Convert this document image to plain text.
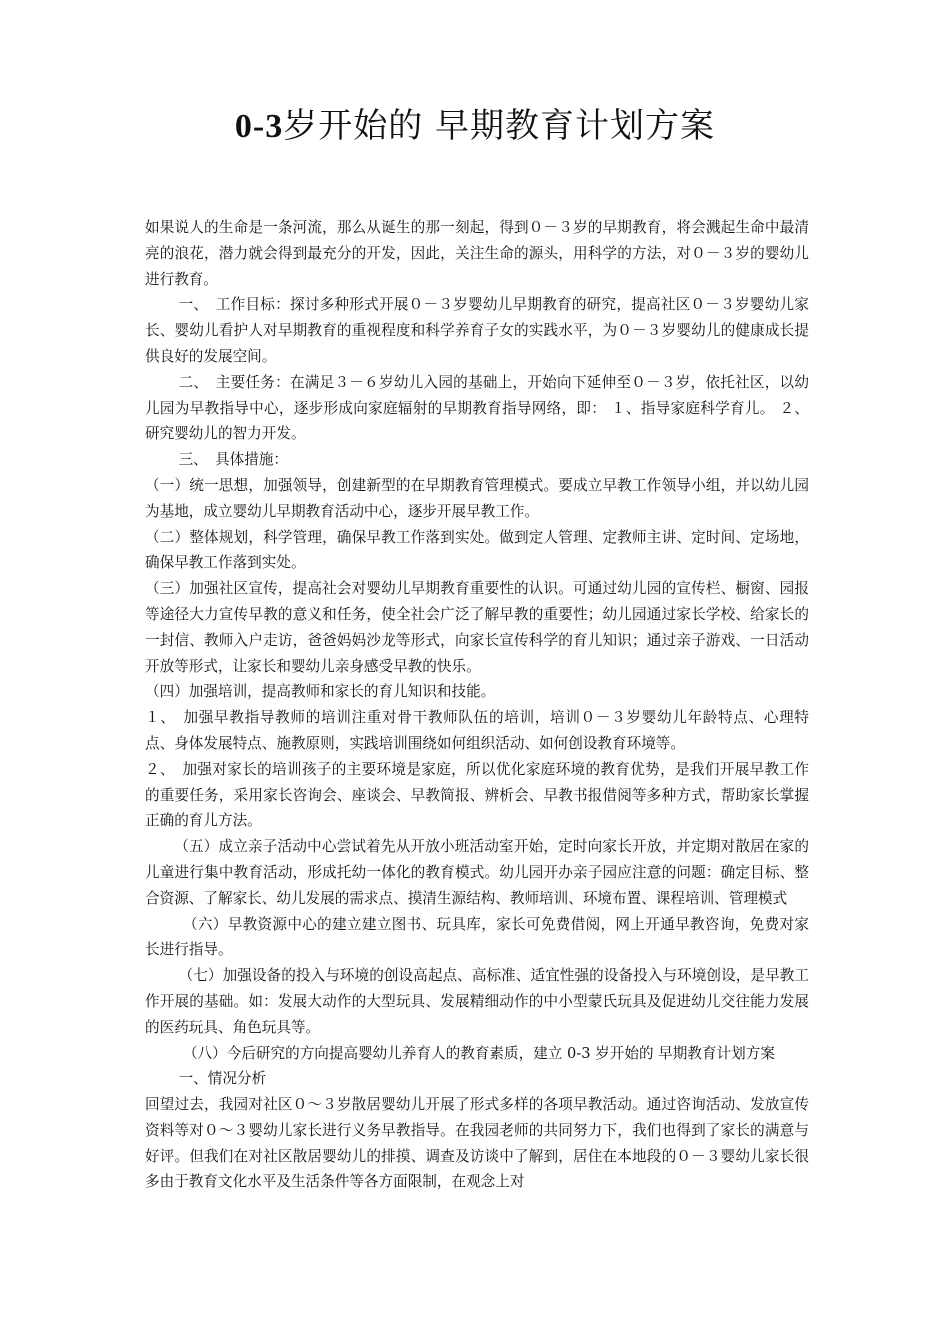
0-3岁开始的 早期教育计划方案

如果说人的生命是一条河流，那么从诞生的那一刻起，得到０－３岁的早期教育，将会溅起生命中最清亮的浪花，潜力就会得到最充分的开发，因此，关注生命的源头，用科学的方法，对０－３岁的婴幼儿进行教育。

一、　工作目标：探讨多种形式开展０－３岁婴幼儿早期教育的研究，提高社区０－３岁婴幼儿家长、婴幼儿看护人对早期教育的重视程度和科学养育子女的实践水平，为０－３岁婴幼儿的健康成长提供良好的发展空间。

二、　主要任务：在满足３－６岁幼儿入园的基础上，开始向下延伸至０－３岁，依托社区，以幼儿园为早教指导中心，逐步形成向家庭辐射的早期教育指导网络，即： １、指导家庭科学育儿。 ２、研究婴幼儿的智力开发。

三、　具体措施：

（一）统一思想，加强领导，创建新型的在早期教育管理模式。要成立早教工作领导小组，并以幼儿园为基地，成立婴幼儿早期教育活动中心，逐步开展早教工作。

（二）整体规划，科学管理，确保早教工作落到实处。做到定人管理、定教师主讲、定时间、定场地，确保早教工作落到实处。

（三）加强社区宣传，提高社会对婴幼儿早期教育重要性的认识。可通过幼儿园的宣传栏、橱窗、园报等途径大力宣传早教的意义和任务，使全社会广泛了解早教的重要性；幼儿园通过家长学校、给家长的一封信、教师入户走访，爸爸妈妈沙龙等形式，向家长宣传科学的育儿知识；通过亲子游戏、一日活动开放等形式，让家长和婴幼儿亲身感受早教的快乐。

（四）加强培训，提高教师和家长的育儿知识和技能。

１、　加强早教指导教师的培训注重对骨干教师队伍的培训，培训０－３岁婴幼儿年龄特点、心理特点、身体发展特点、施教原则，实践培训围绕如何组织活动、如何创设教育环境等。

２、　加强对家长的培训孩子的主要环境是家庭，所以优化家庭环境的教育优势，是我们开展早教工作的重要任务，采用家长咨询会、座谈会、早教简报、辨析会、早教书报借阅等多种方式，帮助家长掌握正确的育儿方法。

（五）成立亲子活动中心尝试着先从开放小班活动室开始，定时向家长开放，并定期对散居在家的儿童进行集中教育活动，形成托幼一体化的教育模式。幼儿园开办亲子园应注意的问题：确定目标、整合资源、了解家长、幼儿发展的需求点、摸清生源结构、教师培训、环境布置、课程培训、管理模式

（六）早教资源中心的建立建立图书、玩具库，家长可免费借阅，网上开通早教咨询，免费对家长进行指导。

（七）加强设备的投入与环境的创设高起点、高标准、适宜性强的设备投入与环境创设，是早教工作开展的基础。如：发展大动作的大型玩具、发展精细动作的中小型蒙氏玩具及促进幼儿交往能力发展的医药玩具、角色玩具等。

（八）今后研究的方向提高婴幼儿养育人的教育素质，建立 0-3 岁开始的 早期教育计划方案

一、情况分析

回望过去，我园对社区０～３岁散居婴幼儿开展了形式多样的各项早教活动。通过咨询活动、发放宣传资料等对０～３婴幼儿家长进行义务早教指导。在我园老师的共同努力下，我们也得到了家长的满意与好评。但我们在对社区散居婴幼儿的排摸、调查及访谈中了解到，居住在本地段的０－３婴幼儿家长很多由于教育文化水平及生活条件等各方面限制，在观念上对
